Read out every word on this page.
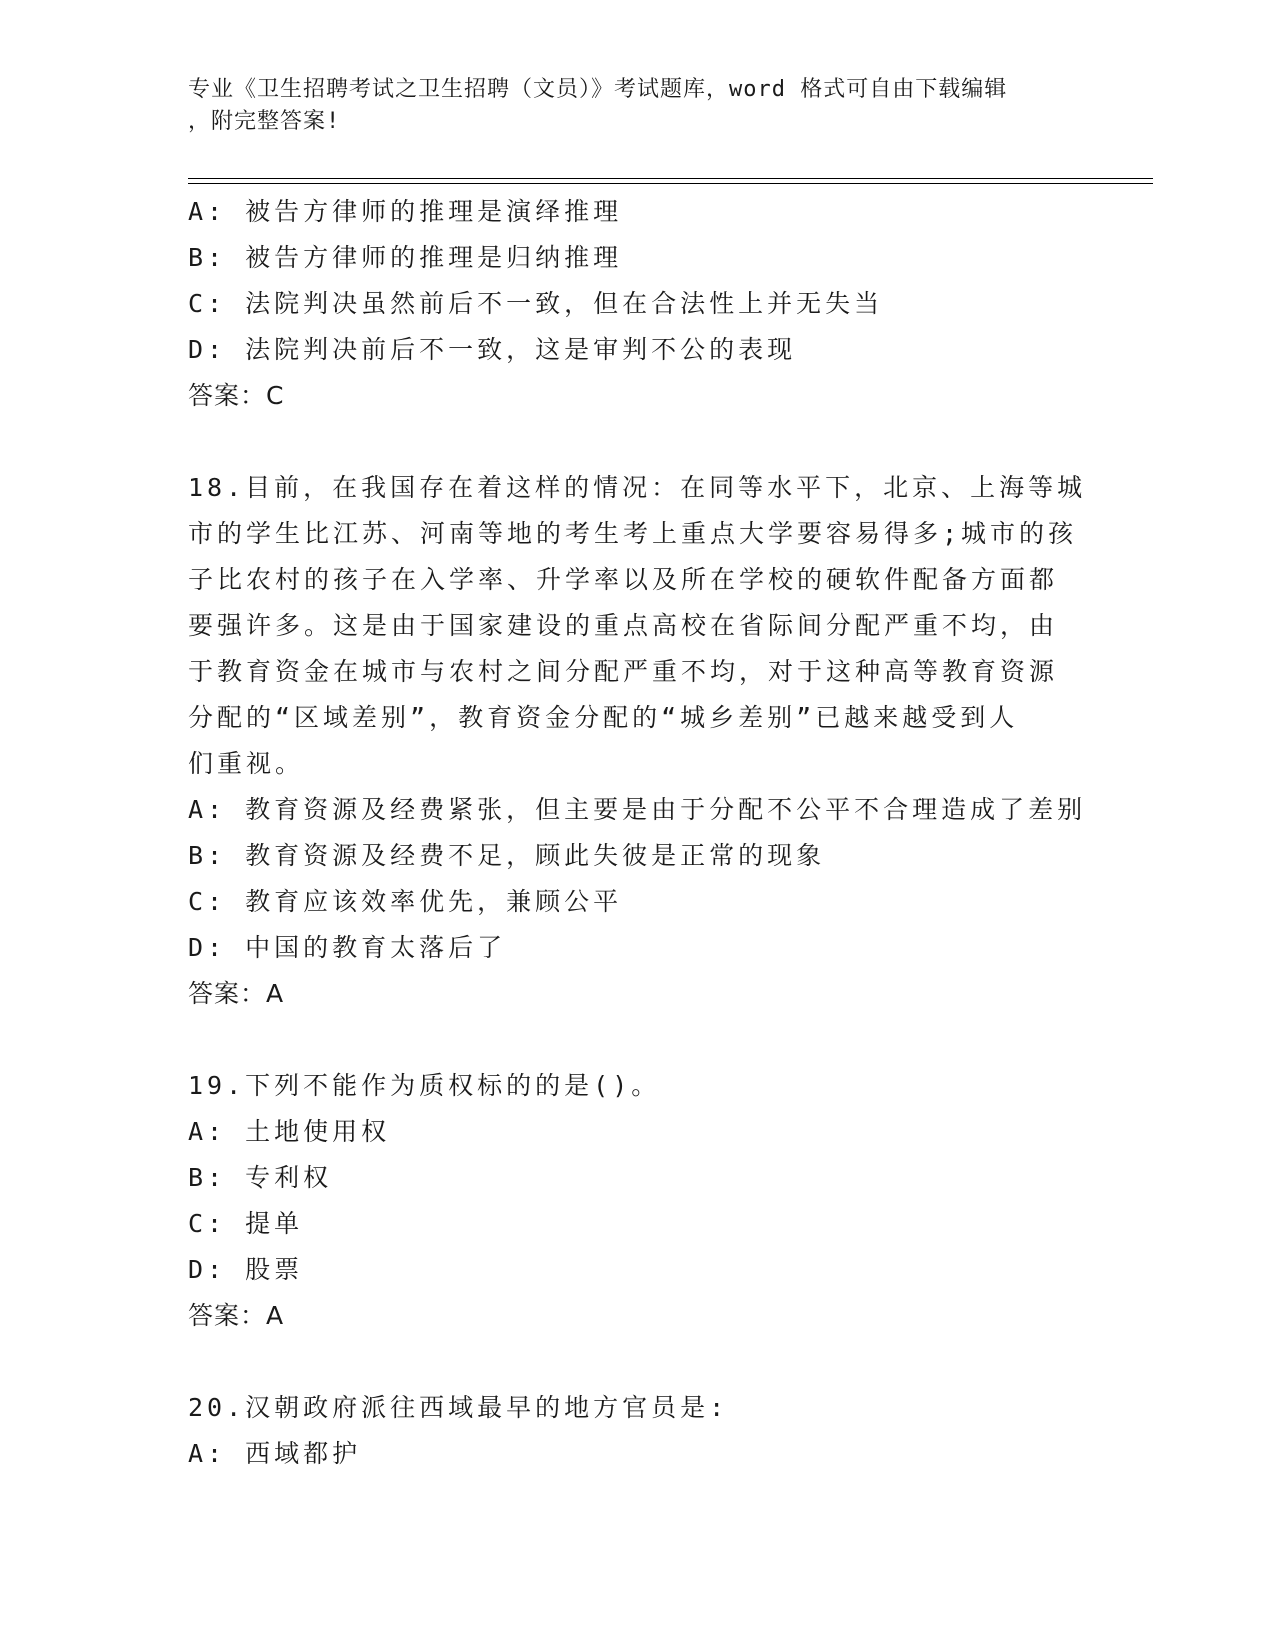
专业《卫生招聘考试之卫生招聘（文员）》考试题库，word 格式可自由下载编辑
，附完整答案!
A: 被告方律师的推理是演绎推理
B: 被告方律师的推理是归纳推理
C: 法院判决虽然前后不一致，但在合法性上并无失当
D: 法院判决前后不一致，这是审判不公的表现
答案：C
18.目前，在我国存在着这样的情况：在同等水平下，北京、上海等城
市的学生比江苏、河南等地的考生考上重点大学要容易得多;城市的孩
子比农村的孩子在入学率、升学率以及所在学校的硬软件配备方面都
要强许多。这是由于国家建设的重点高校在省际间分配严重不均，由
于教育资金在城市与农村之间分配严重不均，对于这种高等教育资源
分配的“区域差别”，教育资金分配的“城乡差别”已越来越受到人
们重视。
A: 教育资源及经费紧张，但主要是由于分配不公平不合理造成了差别
B: 教育资源及经费不足，顾此失彼是正常的现象
C: 教育应该效率优先，兼顾公平
D: 中国的教育太落后了
答案：A
19.下列不能作为质权标的的是()。
A: 土地使用权
B: 专利权
C: 提单
D: 股票
答案：A
20.汉朝政府派往西域最早的地方官员是:
A: 西域都护
